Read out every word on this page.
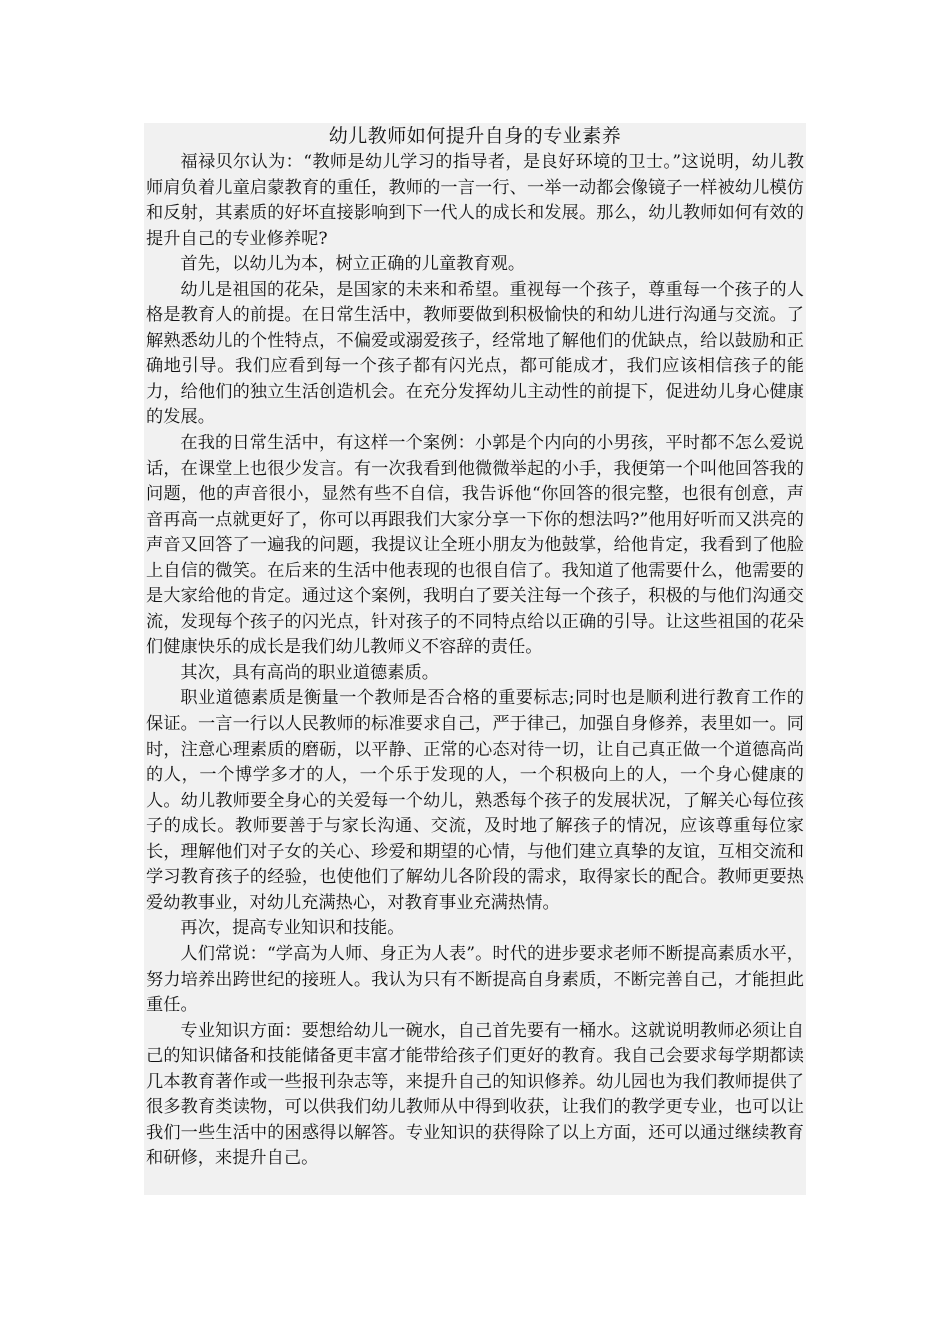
幼儿教师如何提升自身的专业素养

福禄贝尔认为：“教师是幼儿学习的指导者，是良好环境的卫士。”这说明，幼儿教师肩负着儿童启蒙教育的重任，教师的一言一行、一举一动都会像镜子一样被幼儿模仿和反射，其素质的好坏直接影响到下一代人的成长和发展。那么，幼儿教师如何有效的提升自己的专业修养呢?

首先，以幼儿为本，树立正确的儿童教育观。

幼儿是祖国的花朵，是国家的未来和希望。重视每一个孩子，尊重每一个孩子的人格是教育人的前提。在日常生活中，教师要做到积极愉快的和幼儿进行沟通与交流。了解熟悉幼儿的个性特点，不偏爱或溺爱孩子，经常地了解他们的优缺点，给以鼓励和正确地引导。我们应看到每一个孩子都有闪光点，都可能成才，我们应该相信孩子的能力，给他们的独立生活创造机会。在充分发挥幼儿主动性的前提下，促进幼儿身心健康的发展。

在我的日常生活中，有这样一个案例：小郭是个内向的小男孩，平时都不怎么爱说话，在课堂上也很少发言。有一次我看到他微微举起的小手，我便第一个叫他回答我的问题，他的声音很小，显然有些不自信，我告诉他“你回答的很完整，也很有创意，声音再高一点就更好了，你可以再跟我们大家分享一下你的想法吗?”他用好听而又洪亮的声音又回答了一遍我的问题，我提议让全班小朋友为他鼓掌，给他肯定，我看到了他脸上自信的微笑。在后来的生活中他表现的也很自信了。我知道了他需要什么，他需要的是大家给他的肯定。通过这个案例，我明白了要关注每一个孩子，积极的与他们沟通交流，发现每个孩子的闪光点，针对孩子的不同特点给以正确的引导。让这些祖国的花朵们健康快乐的成长是我们幼儿教师义不容辞的责任。

其次，具有高尚的职业道德素质。

职业道德素质是衡量一个教师是否合格的重要标志;同时也是顺利进行教育工作的保证。一言一行以人民教师的标准要求自己，严于律己，加强自身修养，表里如一。同时，注意心理素质的磨砺，以平静、正常的心态对待一切，让自己真正做一个道德高尚的人，一个博学多才的人，一个乐于发现的人，一个积极向上的人，一个身心健康的人。幼儿教师要全身心的关爱每一个幼儿，熟悉每个孩子的发展状况，了解关心每位孩子的成长。教师要善于与家长沟通、交流，及时地了解孩子的情况，应该尊重每位家长，理解他们对子女的关心、珍爱和期望的心情，与他们建立真挚的友谊，互相交流和学习教育孩子的经验，也使他们了解幼儿各阶段的需求，取得家长的配合。教师更要热爱幼教事业，对幼儿充满热心，对教育事业充满热情。

再次，提高专业知识和技能。

人们常说：“学高为人师、身正为人表”。时代的进步要求老师不断提高素质水平，努力培养出跨世纪的接班人。我认为只有不断提高自身素质，不断完善自己，才能担此重任。

专业知识方面：要想给幼儿一碗水，自己首先要有一桶水。这就说明教师必须让自己的知识储备和技能储备更丰富才能带给孩子们更好的教育。我自己会要求每学期都读几本教育著作或一些报刊杂志等，来提升自己的知识修养。幼儿园也为我们教师提供了很多教育类读物，可以供我们幼儿教师从中得到收获，让我们的教学更专业，也可以让我们一些生活中的困惑得以解答。专业知识的获得除了以上方面，还可以通过继续教育和研修，来提升自己。
